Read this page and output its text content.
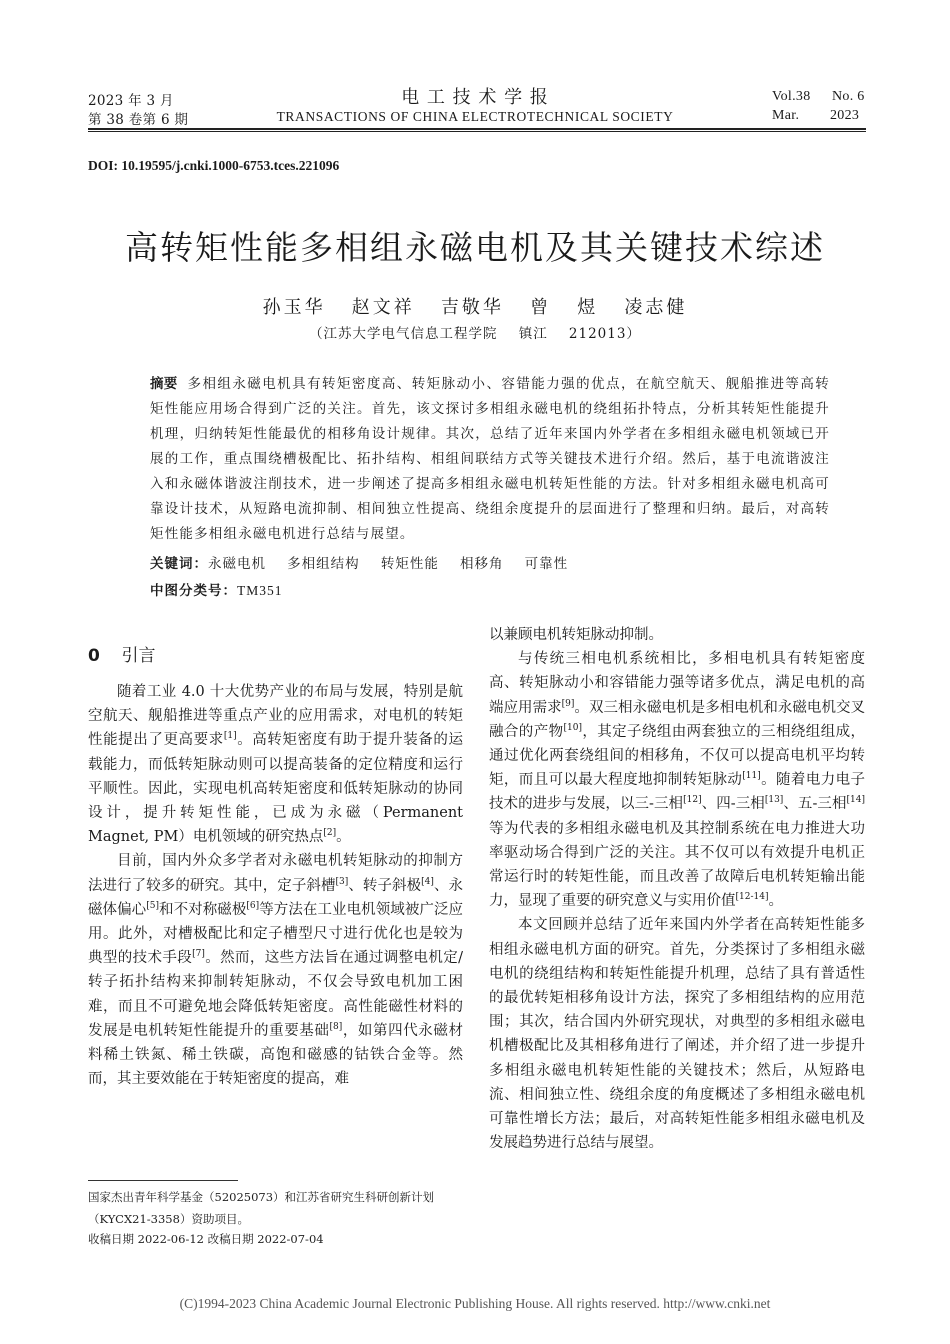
2023 年 3 月
第 38 卷第 6 期
电 工 技 术 学 报
TRANSACTIONS OF CHINA ELECTROTECHNICAL SOCIETY
Vol.38 No. 6
Mar. 2023
DOI: 10.19595/j.cnki.1000-6753.tces.221096
高转矩性能多相组永磁电机及其关键技术综述
孙玉华   赵文祥   吉敬华   曾   煜   凌志健
（江苏大学电气信息工程学院    镇江    212013）
摘要 多相组永磁电机具有转矩密度高、转矩脉动小、容错能力强的优点，在航空航天、舰船推进等高转矩性能应用场合得到广泛的关注。首先，该文探讨多相组永磁电机的绕组拓扑特点，分析其转矩性能提升机理，归纳转矩性能最优的相移角设计规律。其次，总结了近年来国内外学者在多相组永磁电机领域已开展的工作，重点围绕槽极配比、拓扑结构、相组间联结方式等关键技术进行介绍。然后，基于电流谐波注入和永磁体谐波注削技术，进一步阐述了提高多相组永磁电机转矩性能的方法。针对多相组永磁电机高可靠设计技术，从短路电流抑制、相间独立性提高、绕组余度提升的层面进行了整理和归纳。最后，对高转矩性能多相组永磁电机进行总结与展望。
关键词：永磁电机    多相组结构    转矩性能    相移角    可靠性
中图分类号：TM351
0 引言

随着工业 4.0 十大优势产业的布局与发展，特别是航空航天、舰船推进等重点产业的应用需求，对电机的转矩性能提出了更高要求[1]。高转矩密度有助于提升装备的运载能力，而低转矩脉动则可以提高装备的定位精度和运行平顺性。因此，实现电机高转矩密度和低转矩脉动的协同设计，提升转矩性能，已成为永磁（Permanent Magnet, PM）电机领域的研究热点[2]。

目前，国内外众多学者对永磁电机转矩脉动的抑制方法进行了较多的研究。其中，定子斜槽[3]、转子斜极[4]、永磁体偏心[5]和不对称磁极[6]等方法在工业电机领域被广泛应用。此外，对槽极配比和定子槽型尺寸进行优化也是较为典型的技术手段[7]。然而，这些方法旨在通过调整电机定/转子拓扑结构来抑制转矩脉动，不仅会导致电机加工困难，而且不可避免地会降低转矩密度。高性能磁性材料的发展是电机转矩性能提升的重要基础[8]，如第四代永磁材料稀土铁氮、稀土铁碳，高饱和磁感的钴铁合金等。然而，其主要效能在于转矩密度的提高，难

国家杰出青年科学基金（52025073）和江苏省研究生科研创新计划（KYCX21-3358）资助项目。
收稿日期 2022-06-12 改稿日期 2022-07-04

以兼顾电机转矩脉动抑制。

与传统三相电机系统相比，多相电机具有转矩密度高、转矩脉动小和容错能力强等诸多优点，满足电机的高端应用需求[9]。双三相永磁电机是多相电机和永磁电机交叉融合的产物[10]，其定子绕组由两套独立的三相绕组组成，通过优化两套绕组间的相移角，不仅可以提高电机平均转矩，而且可以最大程度地抑制转矩脉动[11]。随着电力电子技术的进步与发展，以三-三相[12]、四-三相[13]、五-三相[14]等为代表的多相组永磁电机及其控制系统在电力推进大功率驱动场合得到广泛的关注。其不仅可以有效提升电机正常运行时的转矩性能，而且改善了故障后电机转矩输出能力，显现了重要的研究意义与实用价值[12-14]。

本文回顾并总结了近年来国内外学者在高转矩性能多相组永磁电机方面的研究。首先，分类探讨了多相组永磁电机的绕组结构和转矩性能提升机理，总结了具有普适性的最优转矩相移角设计方法，探究了多相组结构的应用范围；其次，结合国内外研究现状，对典型的多相组永磁电机槽极配比及其相移角进行了阐述，并介绍了进一步提升多相组永磁电机转矩性能的关键技术；然后，从短路电流、相间独立性、绕组余度的角度概述了多相组永磁电机可靠性增长方法；最后，对高转矩性能多相组永磁电机及发展趋势进行总结与展望。

(C)1994-2023 China Academic Journal Electronic Publishing House. All rights reserved. http://www.cnki.net
